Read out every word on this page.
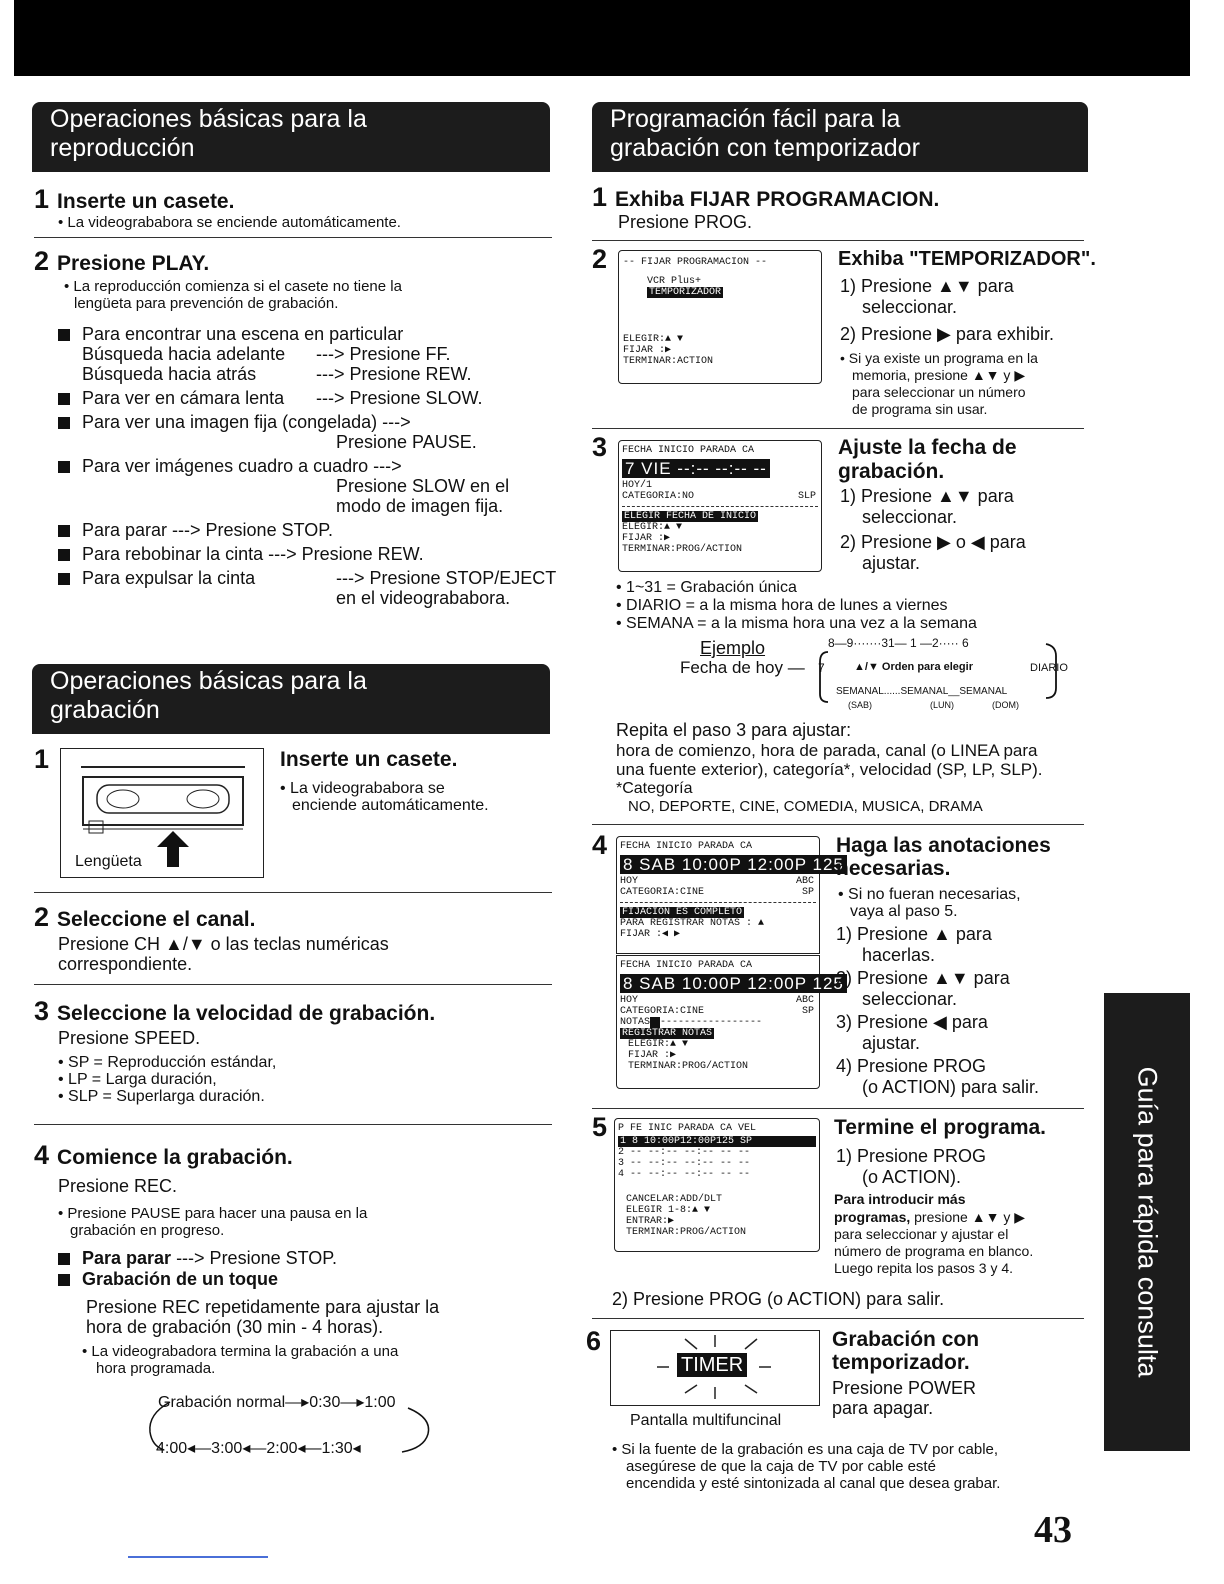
Operaciones básicas para la
reproducción
1 Inserte un casete.
• La videogrababora se enciende automáticamente.
2 Presione PLAY.
• La reproducción comienza si el casete no tiene la
lengüeta para prevención de grabación.
Para encontrar una escena en particular
Búsqueda hacia adelante ---> Presione FF.
Búsqueda hacia atrás	---> Presione REW.
Para ver en cámara lenta ---> Presione SLOW.
Para ver una imagen fija (congelada) --->
Presione PAUSE.
Para ver imágenes cuadro a cuadro --->
Presione SLOW en el
modo de imagen fija.
Para parar ---> Presione STOP.
Para rebobinar la cinta ---> Presione REW.
Para expulsar la cinta	---> Presione STOP/EJECT
en el videogrababora.
Operaciones básicas para la
grabación
1
Lengüeta
Inserte un casete.
• La videogrababora se
enciende automáticamente.
2 Seleccione el canal.
Presione CH ▲/▼ o las teclas numéricas
correspondiente.
3 Seleccione la velocidad de grabación.
Presione SPEED.
• SP = Reproducción estándar,
• LP = Larga duración,
• SLP = Superlarga duración.
4 Comience la grabación.
Presione REC.
• Presione PAUSE para hacer una pausa en la
grabación en progreso.
Para parar ---> Presione STOP.
Grabación de un toque
Presione REC repetidamente para ajustar la
hora de grabación (30 min - 4 horas).
• La videograbadora termina la grabación a una
hora programada.
Grabación normal—▸0:30—▸1:00
4:00◂—3:00◂—2:00◂—1:30◂
Programación fácil para la
grabación con temporizador
1 Exhiba FIJAR PROGRAMACION.
Presione PROG.
2	-- FIJAR PROGRAMACION --
VCR Plus+
TEMPORIZADOR
ELEGIR:▲ ▼
FIJAR :▶
TERMINAR:ACTION
Exhiba "TEMPORIZADOR".
1) Presione ▲▼ para
seleccionar.
2) Presione ▶ para exhibir.
• Si ya existe un programa en la
memoria, presione ▲▼ y ▶
para seleccionar un número
de programa sin usar.
3	FECHA INICIO PARADA CA
7 VIE --:-- --:-- --
HOY/1
CATEGORIA:NO	SLP
ELEGIR FECHA DE INICIO
ELEGIR:▲ ▼
FIJAR :▶
TERMINAR:PROG/ACTION
Ajuste la fecha de
grabación.
1) Presione ▲▼ para
seleccionar.
2) Presione ▶ o ◀ para
ajustar.
• 1~31 = Grabación única
• DIARIO = a la misma hora de lunes a viernes
• SEMANA = a la misma hora una vez a la semana
Ejemplo
Fecha de hoy —
8—9·······31— 1 —2····· 6
7	▲/▼ Orden para elegir	DIARIO
SEMANAL......SEMANAL__SEMANAL
(SAB)	(LUN)	(DOM)
Repita el paso 3 para ajustar:
hora de comienzo, hora de parada, canal (o LINEA para
una fuente exterior), categoría*, velocidad (SP, LP, SLP).
*Categoría
NO, DEPORTE, CINE, COMEDIA, MUSICA, DRAMA
4	FECHA INICIO PARADA CA
8 SAB 10:00P 12:00P 125
HOY	ABC
CATEGORIA:CINE	SP
FIJACION ES COMPLETO
PARA REGISTRAR NOTAS : ▲
FIJAR :◀ ▶
FECHA INICIO PARADA CA
8 SAB 10:00P 12:00P 125
HOY	ABC
CATEGORIA:CINE	SP
NOTAS -----------------
REGISTRAR NOTAS
ELEGIR:▲ ▼
FIJAR :▶
TERMINAR:PROG/ACTION
Haga las anotaciones
necesarias.
• Si no fueran necesarias,
vaya al paso 5.
1) Presione ▲ para
hacerlas.
2) Presione ▲▼ para
seleccionar.
3) Presione ◀ para
ajustar.
4) Presione PROG
(o ACTION) para salir.
5	P FE INIC PARADA CA VEL
1 8 10:00P12:00P125 SP
2 -- --:-- --:-- -- --
3 -- --:-- --:-- -- --
4 -- --:-- --:-- -- --
CANCELAR:ADD/DLT
ELEGIR 1-8:▲ ▼
ENTRAR:▶
TERMINAR:PROG/ACTION
Termine el programa.
1) Presione PROG
(o ACTION).
Para introducir más
programas, presione ▲▼ y ▶
para seleccionar y ajustar el
número de programa en blanco.
Luego repita los pasos 3 y 4.
2) Presione PROG (o ACTION) para salir.
6
TIMER
Pantalla multifuncinal
Grabación con
temporizador.
Presione POWER
para apagar.
• Si la fuente de la grabación es una caja de TV por cable,
asegúrese de que la caja de TV por cable esté
encendida y esté sintonizada al canal que desea grabar.
Guía para rápida consulta
43
